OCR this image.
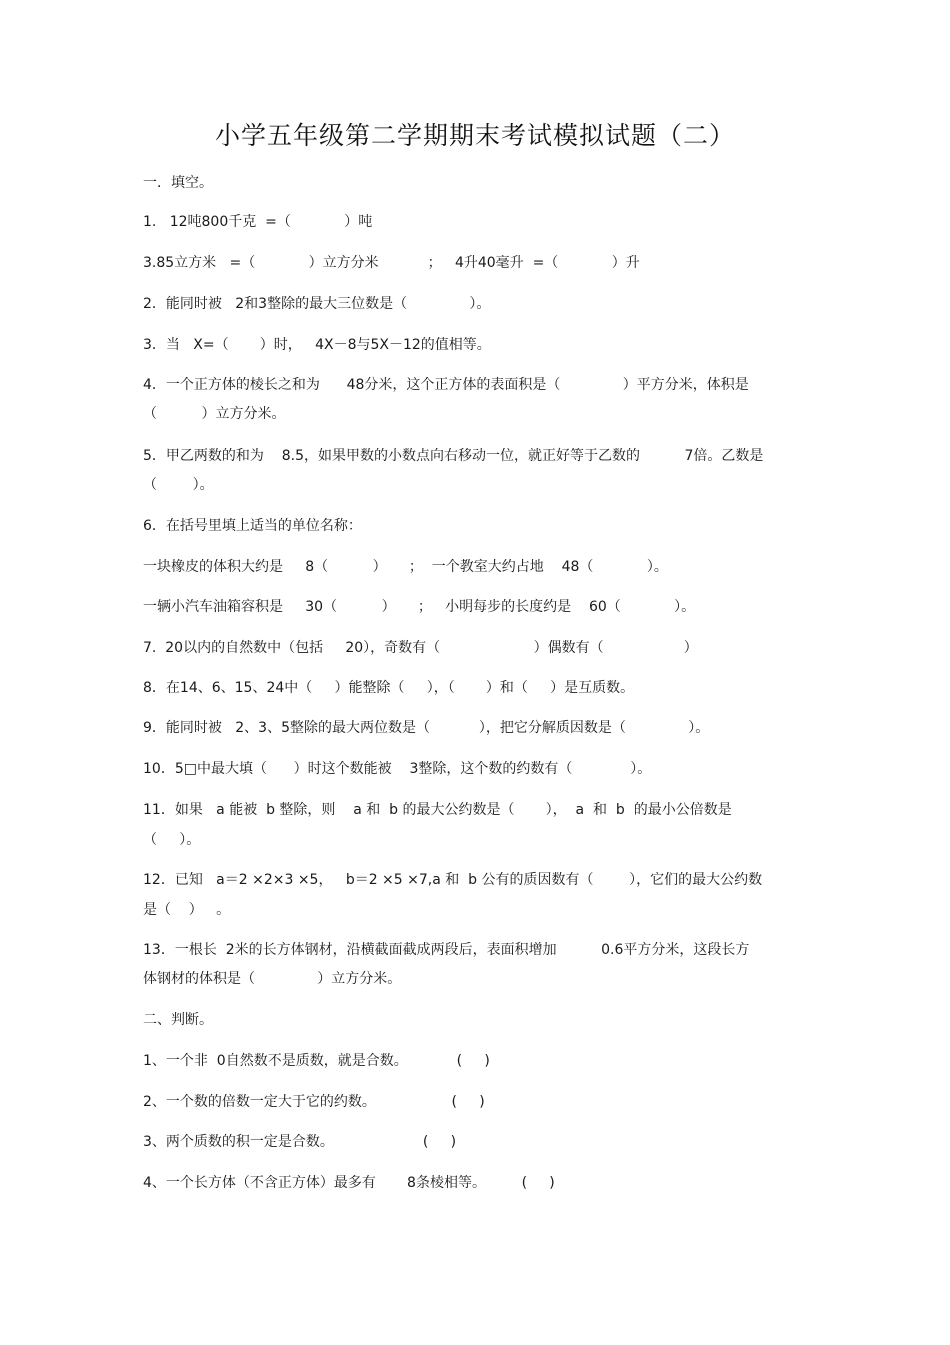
小学五年级第二学期期末考试模拟试题（二）
一．填空。
1.   12吨800千克  =（            ）吨
3.85立方米   =（            ）立方分米           ；   4升40毫升  =（            ）升
2．能同时被   2和3整除的最大三位数是（              ）。
3．当   X=（       ）时，   4X－8与5X－12的值相等。
4．一个正方体的棱长之和为      48分米，这个正方体的表面积是（              ）平方分米，体积是
（          ）立方分米。
5．甲乙两数的和为    8.5，如果甲数的小数点向右移动一位，就正好等于乙数的          7倍。乙数是
（        ）。
6．在括号里填上适当的单位名称：
一块橡皮的体积大约是     8（          ）     ；  一个教室大约占地    48（            ）。
一辆小汽车油箱容积是     30（          ）     ；   小明每步的长度约是    60（            ）。
7.  20以内的自然数中（包括     20），奇数有（                     ）偶数有（                  ）
8．在14、6、15、24中（     ）能整除（     ），（       ）和（     ）是互质数。
9．能同时被   2、3、5整除的最大两位数是（           ），把它分解质因数是（              ）。
10．5□中最大填（      ）时这个数能被    3整除，这个数的约数有（             ）。
11．如果   a 能被  b 整除，则    a 和  b 的最大公约数是（       ），  a  和  b  的最小公倍数是
（     ）。
12．已知   a＝2 ×2×3 ×5，   b＝2 ×5 ×7,a 和  b 公有的质因数有（        ），它们的最大公约数
是（    ）   。
13．一根长  2米的长方体钢材，沿横截面截成两段后，表面积增加          0.6平方分米，这段长方
体钢材的体积是（              ）立方分米。
二、判断。
1、一个非  0自然数不是质数，就是合数。           (     )
2、一个数的倍数一定大于它的约数。                 (     )
3、两个质数的积一定是合数。                    (     )
4、一个长方体（不含正方体）最多有       8条棱相等。        (     )
